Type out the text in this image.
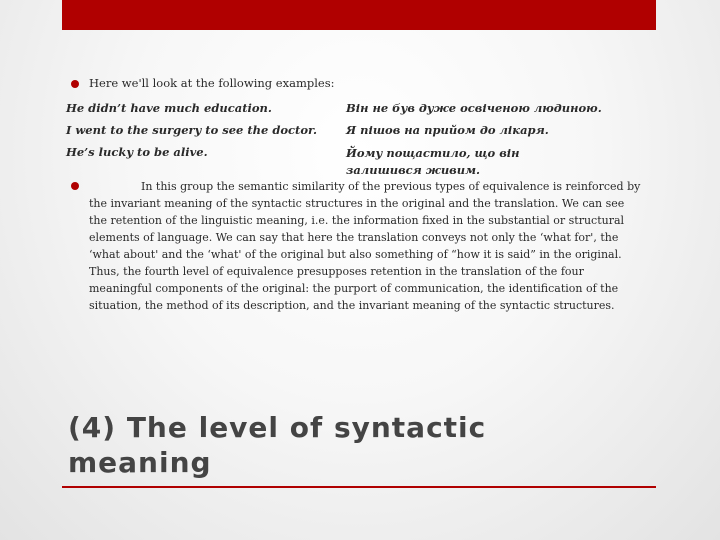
Here we'll look at the following examples:
He didn’t have much education.	Він не був дуже освіченою людиною.
I went to the surgery to see the doctor.	Я пішов на прийом до лікаря.
He’s lucky to be alive.	Йому пощастило, що він залишився живим.
In this group the semantic similarity of the previous types of equivalence is reinforced by the invariant meaning of the syntactic structures in the original and the translation. We can see the retention of the linguistic meaning, i.e. the information fixed in the substantial or structural elements of language. We can say that here the translation conveys not only the ‘what for', the ‘what about' and the ‘what' of the original but also something of “how it is said” in the original. Thus, the fourth level of equivalence presupposes retention in the translation of the four meaningful components of the original: the purport of communication, the identification of the situation, the method of its description, and the invariant meaning of the syntactic structures.
(4) The level of syntactic meaning
